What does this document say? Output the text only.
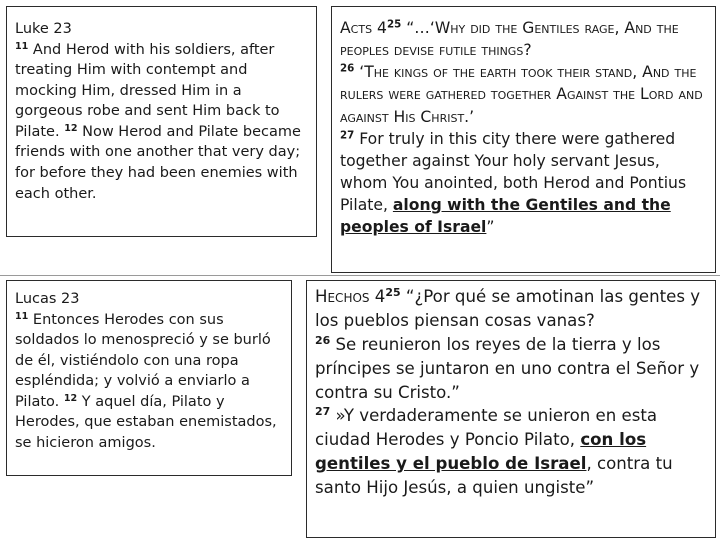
Luke 23

$^{11}$ And Herod with his soldiers, after treating Him with contempt and mocking Him, dressed Him in a gorgeous robe and sent Him back to Pilate. $^{12}$ Now Herod and Pilate became friends with one another that very day; for before they had been enemies with each other.

Acts $4^{25}$ “…‘Why did the Gentiles rage, And the peoples devise futile things?
$^{26}$ ‘The kings of the earth took their stand, And the rulers were gathered together Against the Lord and against His Christ.’
$^{27}$ For truly in this city there were gathered together against Your holy servant Jesus, whom You anointed, both Herod and Pontius Pilate, along with the Gentiles and the peoples of Israel”

Lucas 23

$^{11}$ Entonces Herodes con sus soldados lo menospreció y se burló de él, vistiéndolo con una ropa espléndida; y volvió a enviarlo a Pilato. $^{12}$ Y aquel día, Pilato y Herodes, que estaban enemistados, se hicieron amigos.

Hechos $4^{25}$ “¿Por qué se amotinan las gentes y los pueblos piensan cosas vanas?
$^{26}$ Se reunieron los reyes de la tierra y los príncipes se juntaron en uno contra el Señor y contra su Cristo.”
$^{27}$ »Y verdaderamente se unieron en esta ciudad Herodes y Poncio Pilato, con los gentiles y el pueblo de Israel, contra tu santo Hijo Jesús, a quien ungiste”
